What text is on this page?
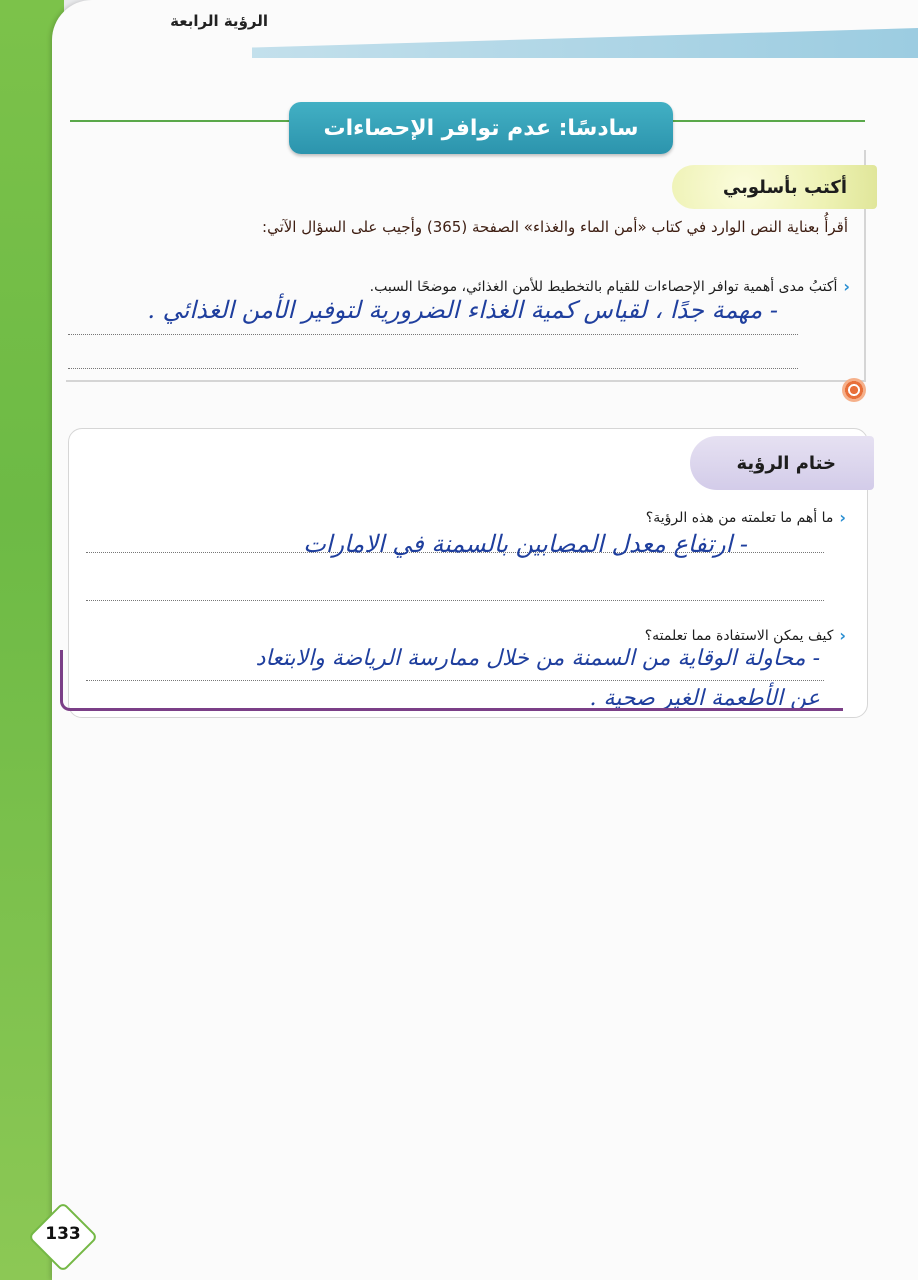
الرؤية الرابعة
سادسًا: عدم توافر الإحصاءات
أكتب بأسلوبي
أقرأُ بعناية النص الوارد في كتاب «أمن الماء والغذاء» الصفحة (365) وأجيب على السؤال الآتي:
‹
أكتبُ مدى أهمية توافر الإحصاءات للقيام بالتخطيط للأمن الغذائي، موضحًا السبب.
- مهمة جدًا ، لقياس كمية الغذاء الضرورية لتوفير الأمن الغذائي .
ختام الرؤية
‹
ما أهم ما تعلمته من هذه الرؤية؟
- ارتفاع معدل المصابين بالسمنة في الامارات
‹
كيف يمكن الاستفادة مما تعلمته؟
- محاولة الوقاية من السمنة من خلال ممارسة الرياضة والابتعاد
عن الأطعمة الغير صحية .
133
